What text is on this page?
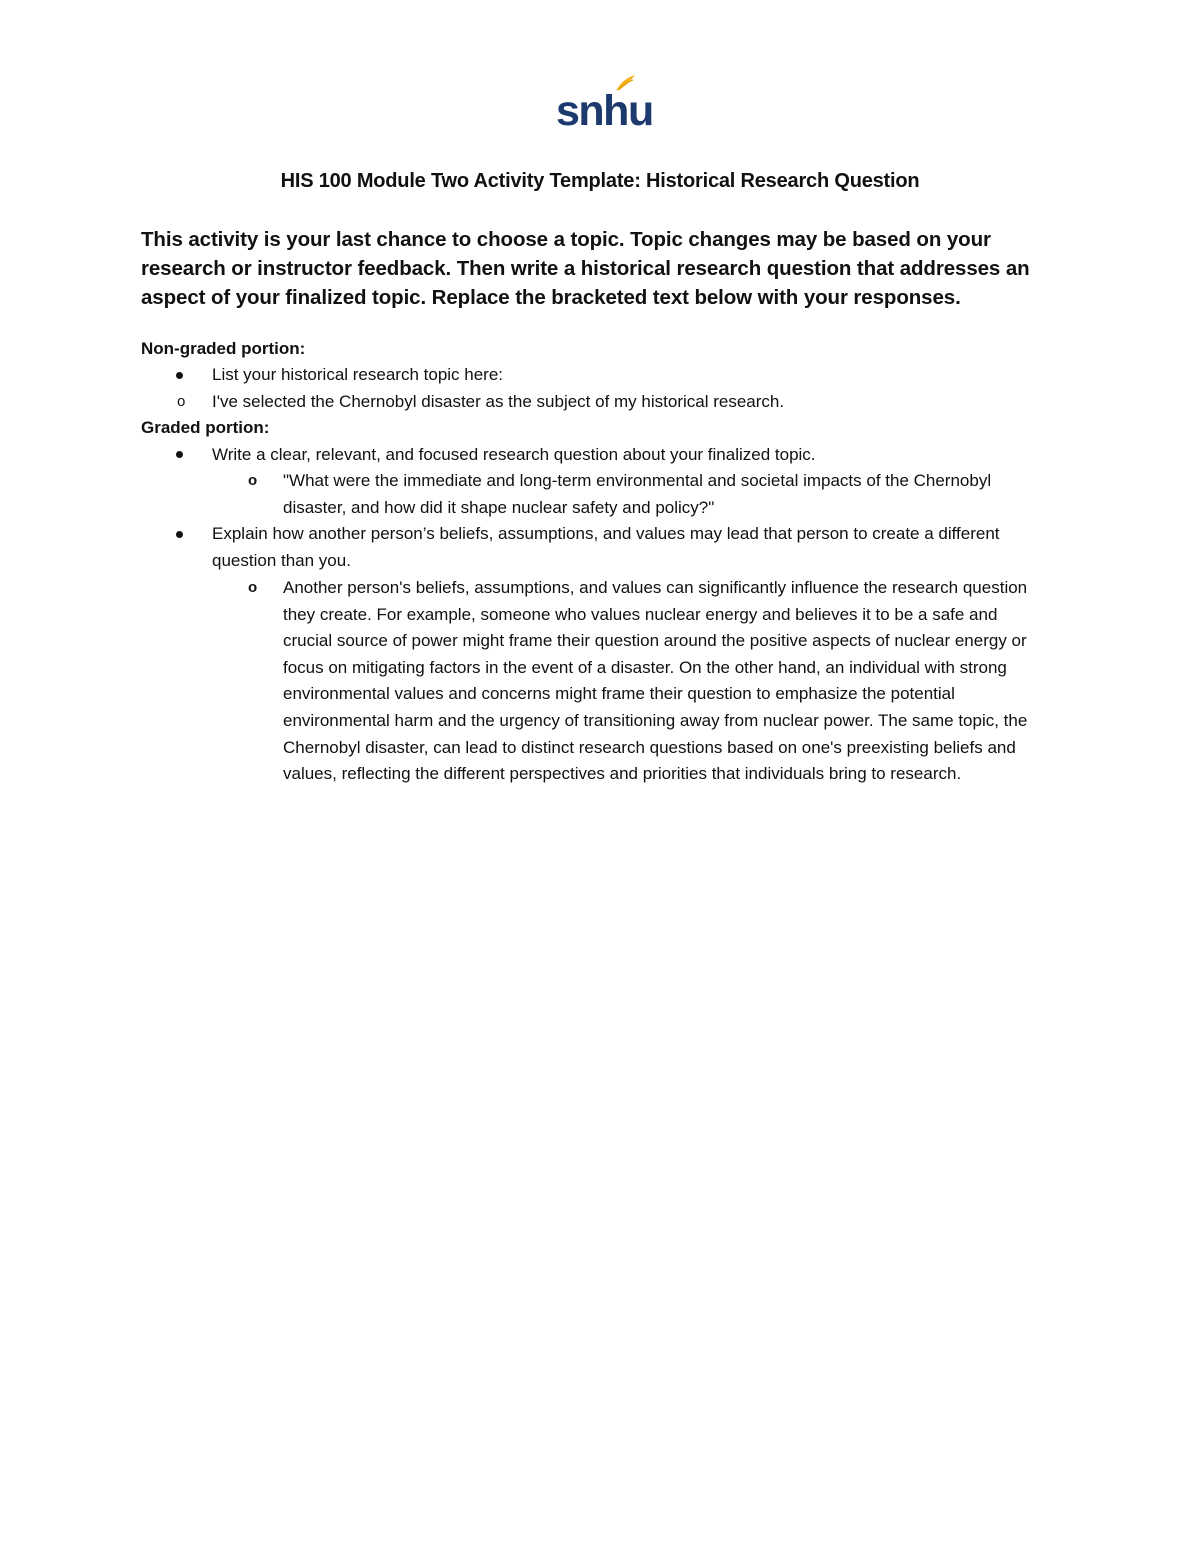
snhu
HIS 100 Module Two Activity Template: Historical Research Question

This activity is your last chance to choose a topic. Topic changes may be based on your research or instructor feedback. Then write a historical research question that addresses an aspect of your finalized topic. Replace the bracketed text below with your responses.

Non-graded portion:

List your historical research topic here:

o I've selected the Chernobyl disaster as the subject of my historical research.

Graded portion:

Write a clear, relevant, and focused research question about your finalized topic.

o "What were the immediate and long-term environmental and societal impacts of the Chernobyl disaster, and how did it shape nuclear safety and policy?"

Explain how another person’s beliefs, assumptions, and values may lead that person to create a different question than you.

o Another person's beliefs, assumptions, and values can significantly influence the research question they create. For example, someone who values nuclear energy and believes it to be a safe and crucial source of power might frame their question around the positive aspects of nuclear energy or focus on mitigating factors in the event of a disaster. On the other hand, an individual with strong environmental values and concerns might frame their question to emphasize the potential environmental harm and the urgency of transitioning away from nuclear power. The same topic, the Chernobyl disaster, can lead to distinct research questions based on one's preexisting beliefs and values, reflecting the different perspectives and priorities that individuals bring to research.
